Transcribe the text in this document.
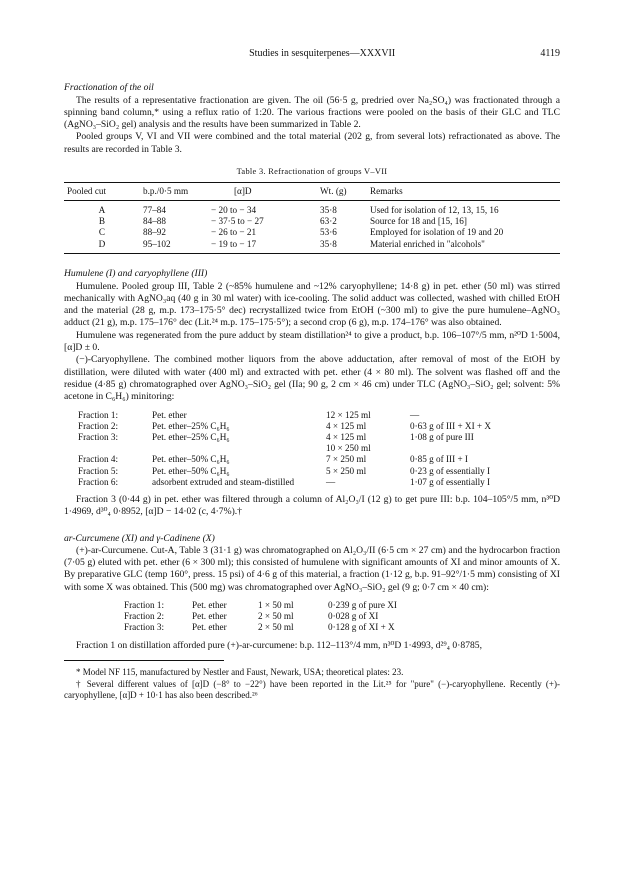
Studies in sesquiterpenes—XXXVII	4119

Fractionation of the oil

The results of a representative fractionation are given. The oil (56·5 g, predried over Na₂SO₄) was fractionated through a spinning band column,* using a reflux ratio of 1:20. The various fractions were pooled on the basis of their GLC and TLC (AgNO₃–SiO₂ gel) analysis and the results have been summarized in Table 2.

Pooled groups V, VI and VII were combined and the total material (202 g, from several lots) refractionated as above. The results are recorded in Table 3.

Table 3. Refractionation of groups V–VII
Pooled cut	b.p./0·5 mm	[α]D	Wt. (g)	Remarks
A	77–84	− 20 to − 34	35·8	Used for isolation of 12, 13, 15, 16
B	84–88	− 37·5 to − 27	63·2	Source for 18 and [15, 16]
C	88–92	− 26 to − 21	53·6	Employed for isolation of 19 and 20
D	95–102	− 19 to − 17	35·8	Material enriched in "alcohols"

Humulene (I) and caryophyllene (III)

Humulene. Pooled group III, Table 2 (~85% humulene and ~12% caryophyllene; 14·8 g) in pet. ether (50 ml) was stirred mechanically with AgNO₃aq (40 g in 30 ml water) with ice-cooling. The solid adduct was collected, washed with chilled EtOH and the material (28 g, m.p. 173–175·5° dec) recrystallized twice from EtOH (~300 ml) to give the pure humulene–AgNO₃ adduct (21 g), m.p. 175–176° dec (Lit.²⁴ m.p. 175–175·5°); a second crop (6 g), m.p. 174–176° was also obtained.

Humulene was regenerated from the pure adduct by steam distillation²⁴ to give a product, b.p. 106–107°/5 mm, n²⁰D 1·5004, [α]D ± 0.

(−)-Caryophyllene. The combined mother liquors from the above adductation, after removal of most of the EtOH by distillation, were diluted with water (400 ml) and extracted with pet. ether (4 × 80 ml). The solvent was flashed off and the residue (4·85 g) chromatographed over AgNO₃–SiO₂ gel (IIa; 90 g, 2 cm × 46 cm) under TLC (AgNO₃–SiO₂ gel; solvent: 5% acetone in C₆H₆) minitoring:

Fraction 1:	Pet. ether	12 × 125 ml	—
Fraction 2:	Pet. ether–25% C₆H₆	4 × 125 ml	0·63 g of III + XI + X
Fraction 3:	Pet. ether–25% C₆H₆	4 × 125 ml	1·08 g of pure III
		10 × 250 ml	
Fraction 4:	Pet. ether–50% C₆H₆	7 × 250 ml	0·85 g of III + I
Fraction 5:	Pet. ether–50% C₆H₆	5 × 250 ml	0·23 g of essentially I
Fraction 6:	adsorbent extruded and steam-distilled	—	1·07 g of essentially I

Fraction 3 (0·44 g) in pet. ether was filtered through a column of Al₂O₃/I (12 g) to get pure III: b.p. 104–105°/5 mm, n³⁰D 1·4969, d³⁰₄ 0·8952, [α]D − 14·02 (c, 4·7%).†

ar-Curcumene (XI) and γ-Cadinene (X)

(+)-ar-Curcumene. Cut-A, Table 3 (31·1 g) was chromatographed on Al₂O₃/II (6·5 cm × 27 cm) and the hydrocarbon fraction (7·05 g) eluted with pet. ether (6 × 300 ml); this consisted of humulene with significant amounts of XI and minor amounts of X. By preparative GLC (temp 160°, press. 15 psi) of 4·6 g of this material, a fraction (1·12 g, b.p. 91–92°/1·5 mm) consisting of XI with some X was obtained. This (500 mg) was chromatographed over AgNO₃–SiO₂ gel (9 g; 0·7 cm × 40 cm):

Fraction 1:	Pet. ether	1 × 50 ml	0·239 g of pure XI
Fraction 2:	Pet. ether	2 × 50 ml	0·028 g of XI
Fraction 3:	Pet. ether	2 × 50 ml	0·128 g of XI + X

Fraction 1 on distillation afforded pure (+)-ar-curcumene: b.p. 112–113°/4 mm, n³⁰D 1·4993, d²⁹₄ 0·8785,

* Model NF 115, manufactured by Nestler and Faust, Newark, USA; theoretical plates: 23.

† Several different values of [α]D (−8° to −22°) have been reported in the Lit.²⁵ for "pure" (−)-caryophyllene. Recently (+)-caryophyllene, [α]D + 10·1 has also been described.²⁶
